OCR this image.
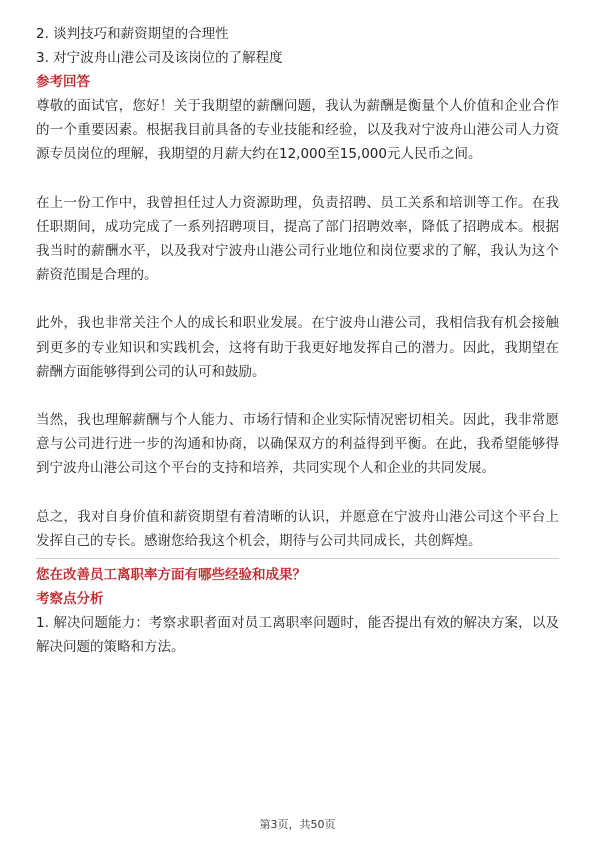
2. 谈判技巧和薪资期望的合理性

3. 对宁波舟山港公司及该岗位的了解程度

参考回答

尊敬的面试官，您好！关于我期望的薪酬问题，我认为薪酬是衡量个人价值和企业合作的一个重要因素。根据我目前具备的专业技能和经验，以及我对宁波舟山港公司人力资源专员岗位的理解，我期望的月薪大约在12,000至15,000元人民币之间。

在上一份工作中，我曾担任过人力资源助理，负责招聘、员工关系和培训等工作。在我任职期间，成功完成了一系列招聘项目，提高了部门招聘效率，降低了招聘成本。根据我当时的薪酬水平，以及我对宁波舟山港公司行业地位和岗位要求的了解，我认为这个薪资范围是合理的。

此外，我也非常关注个人的成长和职业发展。在宁波舟山港公司，我相信我有机会接触到更多的专业知识和实践机会，这将有助于我更好地发挥自己的潜力。因此，我期望在薪酬方面能够得到公司的认可和鼓励。

当然，我也理解薪酬与个人能力、市场行情和企业实际情况密切相关。因此，我非常愿意与公司进行进一步的沟通和协商，以确保双方的利益得到平衡。在此，我希望能够得到宁波舟山港公司这个平台的支持和培养，共同实现个人和企业的共同发展。

总之，我对自身价值和薪资期望有着清晰的认识，并愿意在宁波舟山港公司这个平台上发挥自己的专长。感谢您给我这个机会，期待与公司共同成长，共创辉煌。

您在改善员工离职率方面有哪些经验和成果？

考察点分析

1. 解决问题能力：考察求职者面对员工离职率问题时，能否提出有效的解决方案，以及解决问题的策略和方法。

第3页，共50页
